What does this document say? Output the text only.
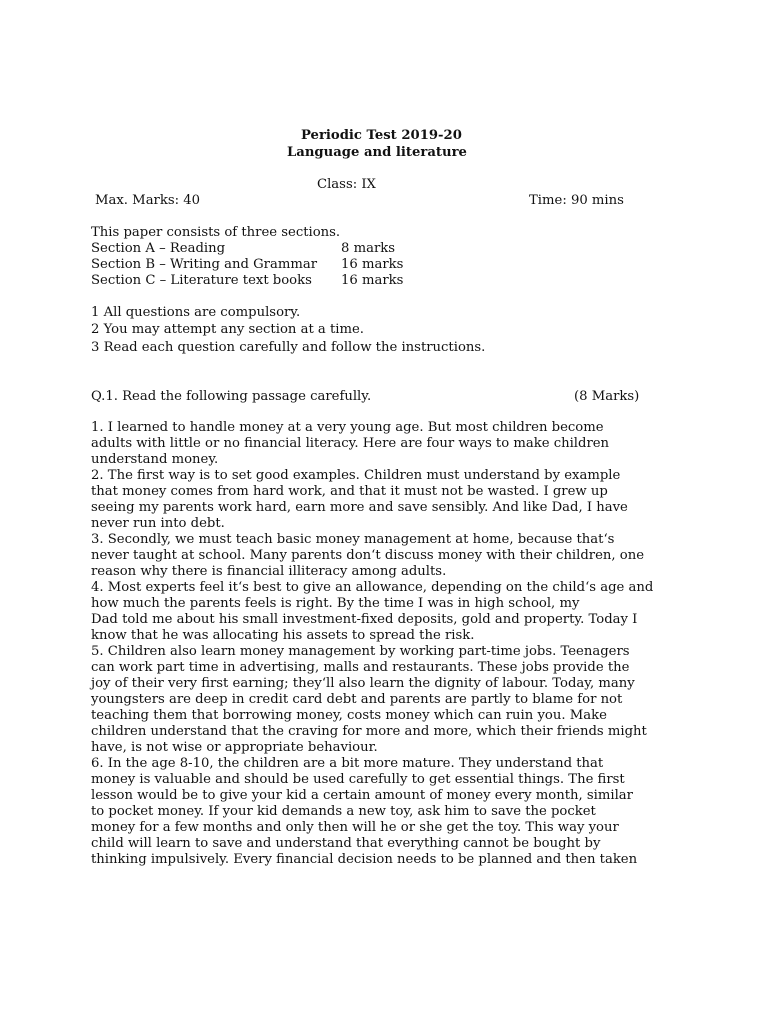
Periodic Test 2019-20
Language and literature
Class: IX
Max. Marks: 40	Time: 90 mins
This paper consists of three sections.
Section A – Reading	8 marks
Section B – Writing and Grammar 16 marks
Section C – Literature text books 16 marks
1 All questions are compulsory.
2 You may attempt any section at a time.
3 Read each question carefully and follow the instructions.
Q.1. Read the following passage carefully.	(8 Marks)
1. I learned to handle money at a very young age. But most children become
adults with little or no financial literacy. Here are four ways to make children
understand money.
2. The first way is to set good examples. Children must understand by example
that money comes from hard work, and that it must not be wasted. I grew up
seeing my parents work hard, earn more and save sensibly. And like Dad, I have
never run into debt.
3. Secondly, we must teach basic money management at home, because that‘s
never taught at school. Many parents don‘t discuss money with their children, one
reason why there is financial illiteracy among adults.
4. Most experts feel it‘s best to give an allowance, depending on the child‘s age and
how much the parents feels is right. By the time I was in high school, my
Dad told me about his small investment-fixed deposits, gold and property. Today I
know that he was allocating his assets to spread the risk.
5. Children also learn money management by working part-time jobs. Teenagers
can work part time in advertising, malls and restaurants. These jobs provide the
joy of their very first earning; they‘ll also learn the dignity of labour. Today, many
youngsters are deep in credit card debt and parents are partly to blame for not
teaching them that borrowing money, costs money which can ruin you. Make
children understand that the craving for more and more, which their friends might
have, is not wise or appropriate behaviour.
6. In the age 8-10, the children are a bit more mature. They understand that
money is valuable and should be used carefully to get essential things. The first
lesson would be to give your kid a certain amount of money every month, similar
to pocket money. If your kid demands a new toy, ask him to save the pocket
money for a few months and only then will he or she get the toy. This way your
child will learn to save and understand that everything cannot be bought by
thinking impulsively. Every financial decision needs to be planned and then taken
